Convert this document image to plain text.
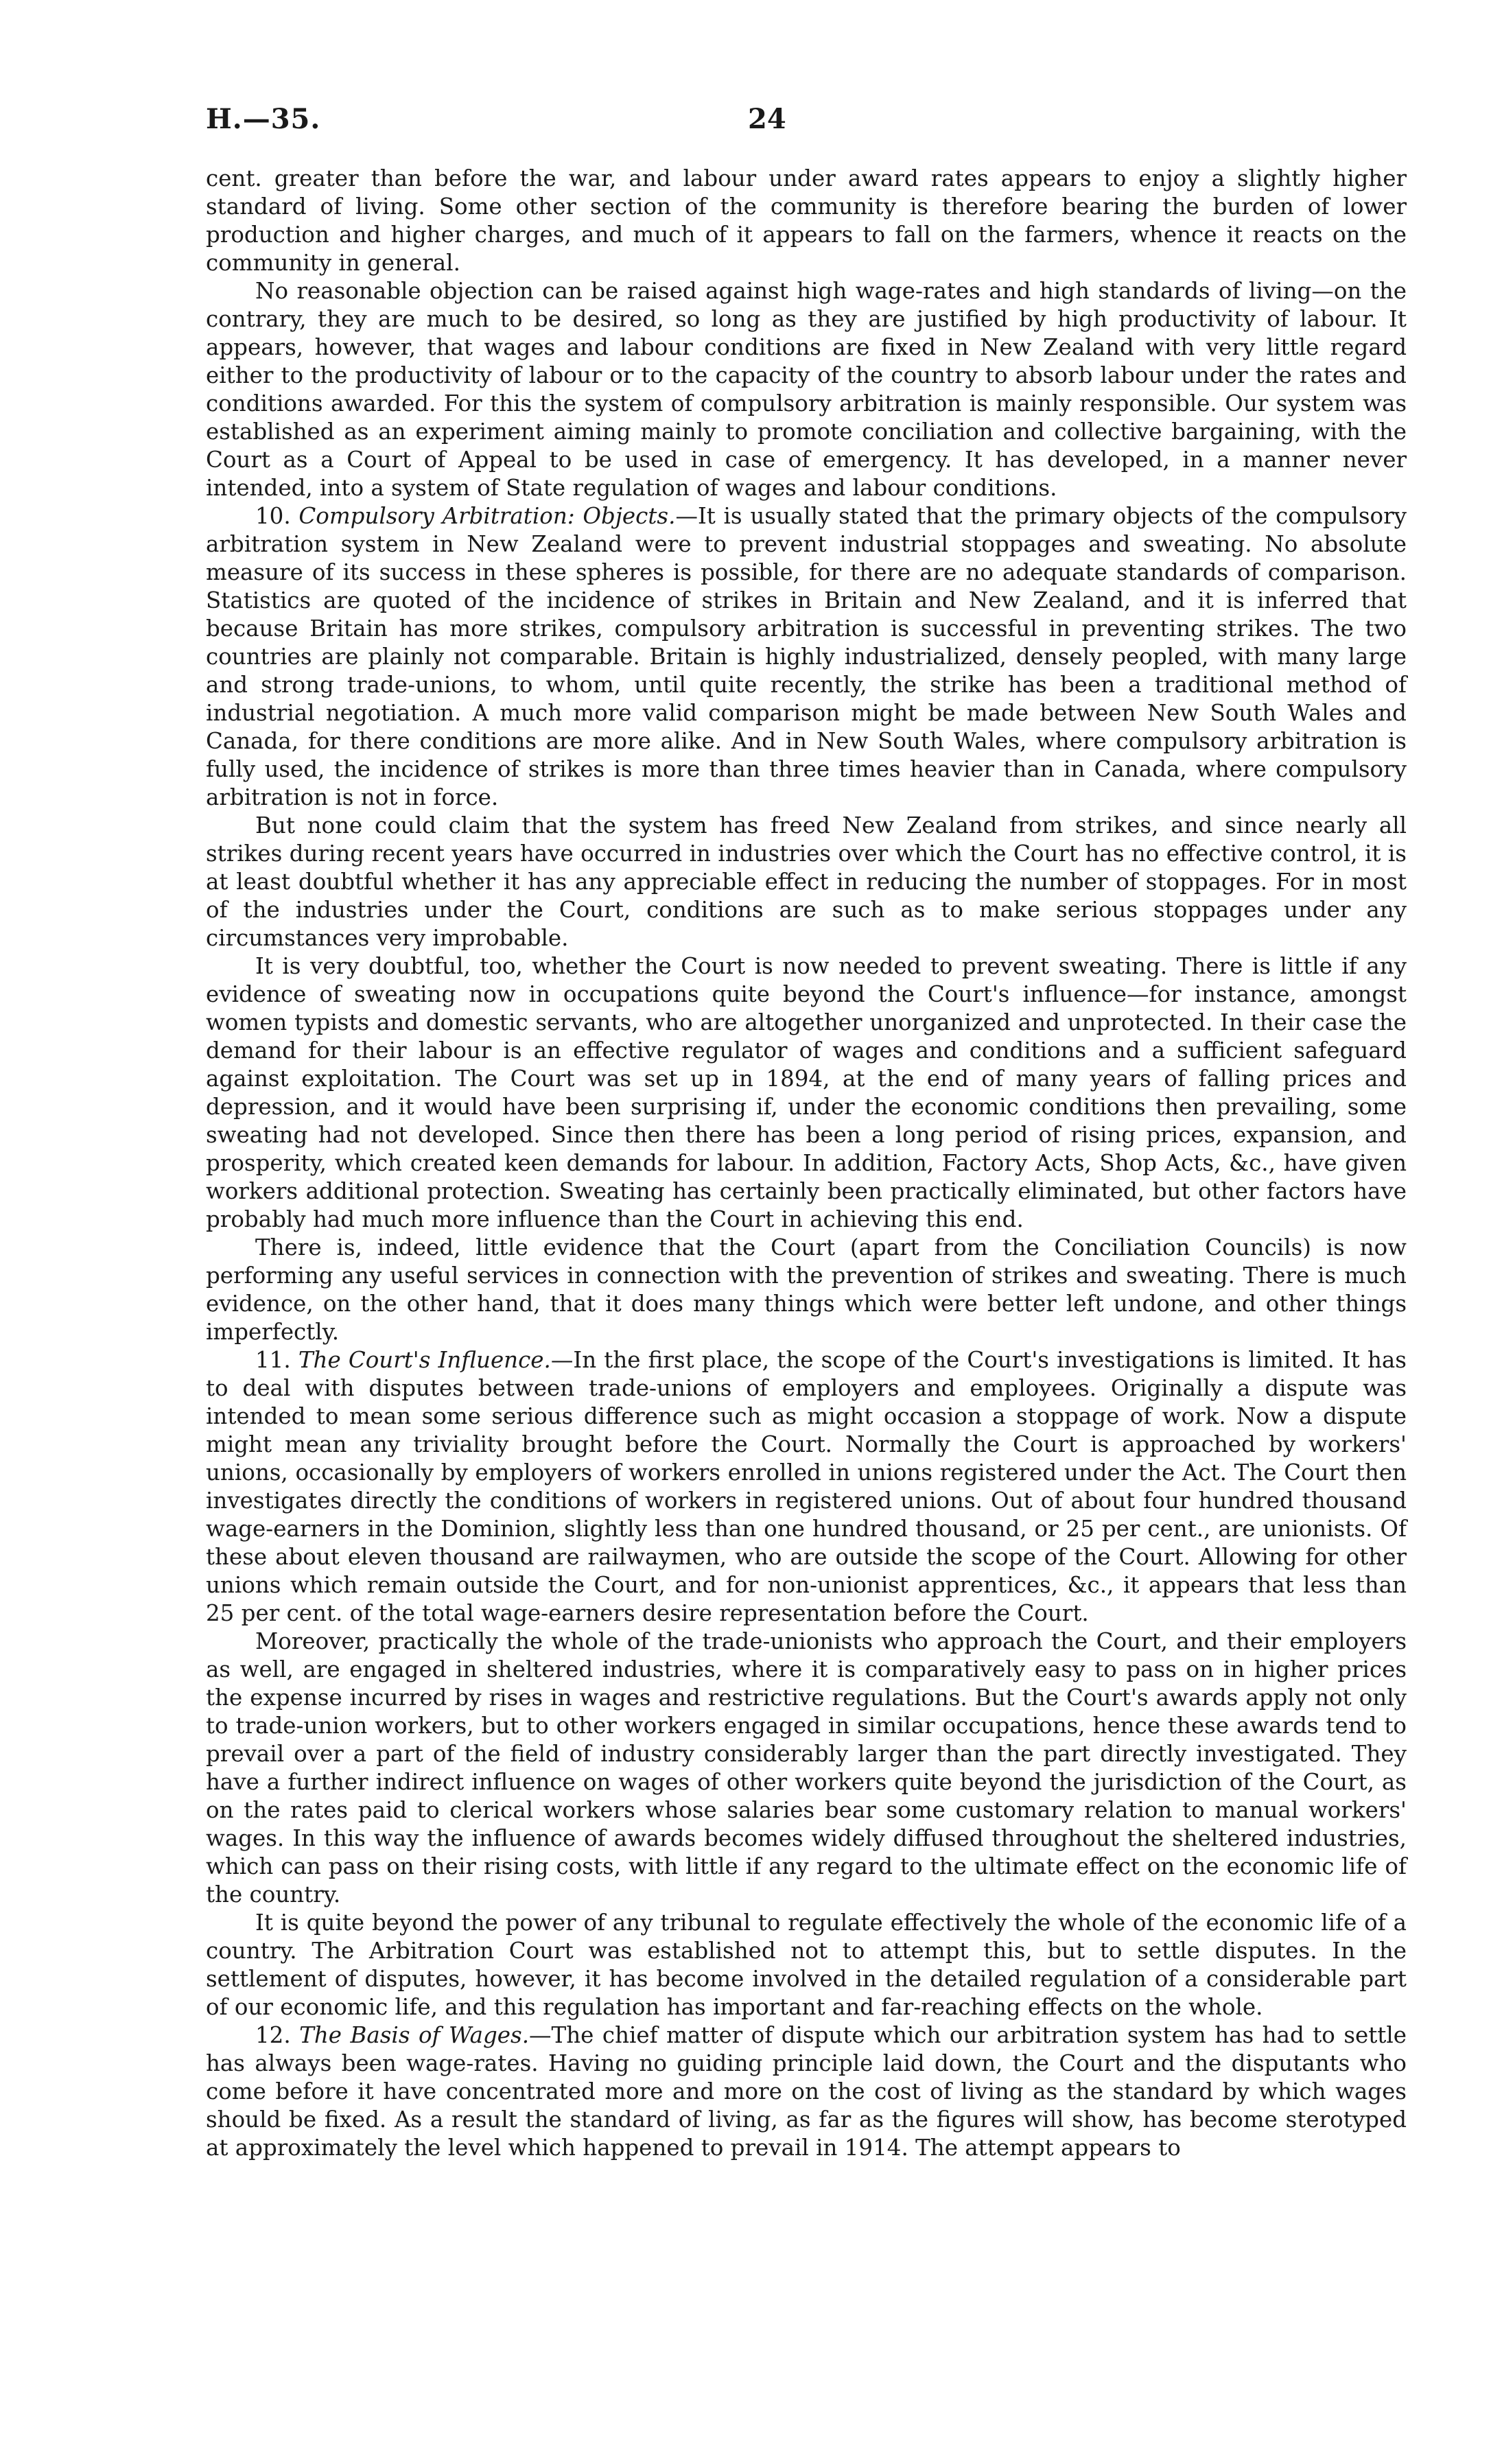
H.—35.	24

cent. greater than before the war, and labour under award rates appears to enjoy a slightly higher standard of living. Some other section of the community is therefore bearing the burden of lower production and higher charges, and much of it appears to fall on the farmers, whence it reacts on the community in general.

No reasonable objection can be raised against high wage-rates and high standards of living—on the contrary, they are much to be desired, so long as they are justified by high productivity of labour. It appears, however, that wages and labour conditions are fixed in New Zealand with very little regard either to the productivity of labour or to the capacity of the country to absorb labour under the rates and conditions awarded. For this the system of compulsory arbitration is mainly responsible. Our system was established as an experiment aiming mainly to promote conciliation and collective bargaining, with the Court as a Court of Appeal to be used in case of emergency. It has developed, in a manner never intended, into a system of State regulation of wages and labour conditions.

10. Compulsory Arbitration: Objects.—It is usually stated that the primary objects of the compulsory arbitration system in New Zealand were to prevent industrial stoppages and sweating. No absolute measure of its success in these spheres is possible, for there are no adequate standards of comparison. Statistics are quoted of the incidence of strikes in Britain and New Zealand, and it is inferred that because Britain has more strikes, compulsory arbitration is successful in preventing strikes. The two countries are plainly not comparable. Britain is highly industrialized, densely peopled, with many large and strong trade-unions, to whom, until quite recently, the strike has been a traditional method of industrial negotiation. A much more valid comparison might be made between New South Wales and Canada, for there conditions are more alike. And in New South Wales, where compulsory arbitration is fully used, the incidence of strikes is more than three times heavier than in Canada, where compulsory arbitration is not in force.

But none could claim that the system has freed New Zealand from strikes, and since nearly all strikes during recent years have occurred in industries over which the Court has no effective control, it is at least doubtful whether it has any appreciable effect in reducing the number of stoppages. For in most of the industries under the Court, conditions are such as to make serious stoppages under any circumstances very improbable.

It is very doubtful, too, whether the Court is now needed to prevent sweating. There is little if any evidence of sweating now in occupations quite beyond the Court's influence—for instance, amongst women typists and domestic servants, who are altogether unorganized and unprotected. In their case the demand for their labour is an effective regulator of wages and conditions and a sufficient safeguard against exploitation. The Court was set up in 1894, at the end of many years of falling prices and depression, and it would have been surprising if, under the economic conditions then prevailing, some sweating had not developed. Since then there has been a long period of rising prices, expansion, and prosperity, which created keen demands for labour. In addition, Factory Acts, Shop Acts, &c., have given workers additional protection. Sweating has certainly been practically eliminated, but other factors have probably had much more influence than the Court in achieving this end.

There is, indeed, little evidence that the Court (apart from the Conciliation Councils) is now performing any useful services in connection with the prevention of strikes and sweating. There is much evidence, on the other hand, that it does many things which were better left undone, and other things imperfectly.

11. The Court's Influence.—In the first place, the scope of the Court's investigations is limited. It has to deal with disputes between trade-unions of employers and employees. Originally a dispute was intended to mean some serious difference such as might occasion a stoppage of work. Now a dispute might mean any triviality brought before the Court. Normally the Court is approached by workers' unions, occasionally by employers of workers enrolled in unions registered under the Act. The Court then investigates directly the conditions of workers in registered unions. Out of about four hundred thousand wage-earners in the Dominion, slightly less than one hundred thousand, or 25 per cent., are unionists. Of these about eleven thousand are railwaymen, who are outside the scope of the Court. Allowing for other unions which remain outside the Court, and for non-unionist apprentices, &c., it appears that less than 25 per cent. of the total wage-earners desire representation before the Court.

Moreover, practically the whole of the trade-unionists who approach the Court, and their employers as well, are engaged in sheltered industries, where it is comparatively easy to pass on in higher prices the expense incurred by rises in wages and restrictive regulations. But the Court's awards apply not only to trade-union workers, but to other workers engaged in similar occupations, hence these awards tend to prevail over a part of the field of industry considerably larger than the part directly investigated. They have a further indirect influence on wages of other workers quite beyond the jurisdiction of the Court, as on the rates paid to clerical workers whose salaries bear some customary relation to manual workers' wages. In this way the influence of awards becomes widely diffused throughout the sheltered industries, which can pass on their rising costs, with little if any regard to the ultimate effect on the economic life of the country.

It is quite beyond the power of any tribunal to regulate effectively the whole of the economic life of a country. The Arbitration Court was established not to attempt this, but to settle disputes. In the settlement of disputes, however, it has become involved in the detailed regulation of a considerable part of our economic life, and this regulation has important and far-reaching effects on the whole.

12. The Basis of Wages.—The chief matter of dispute which our arbitration system has had to settle has always been wage-rates. Having no guiding principle laid down, the Court and the disputants who come before it have concentrated more and more on the cost of living as the standard by which wages should be fixed. As a result the standard of living, as far as the figures will show, has become sterotyped at approximately the level which happened to prevail in 1914. The attempt appears to
